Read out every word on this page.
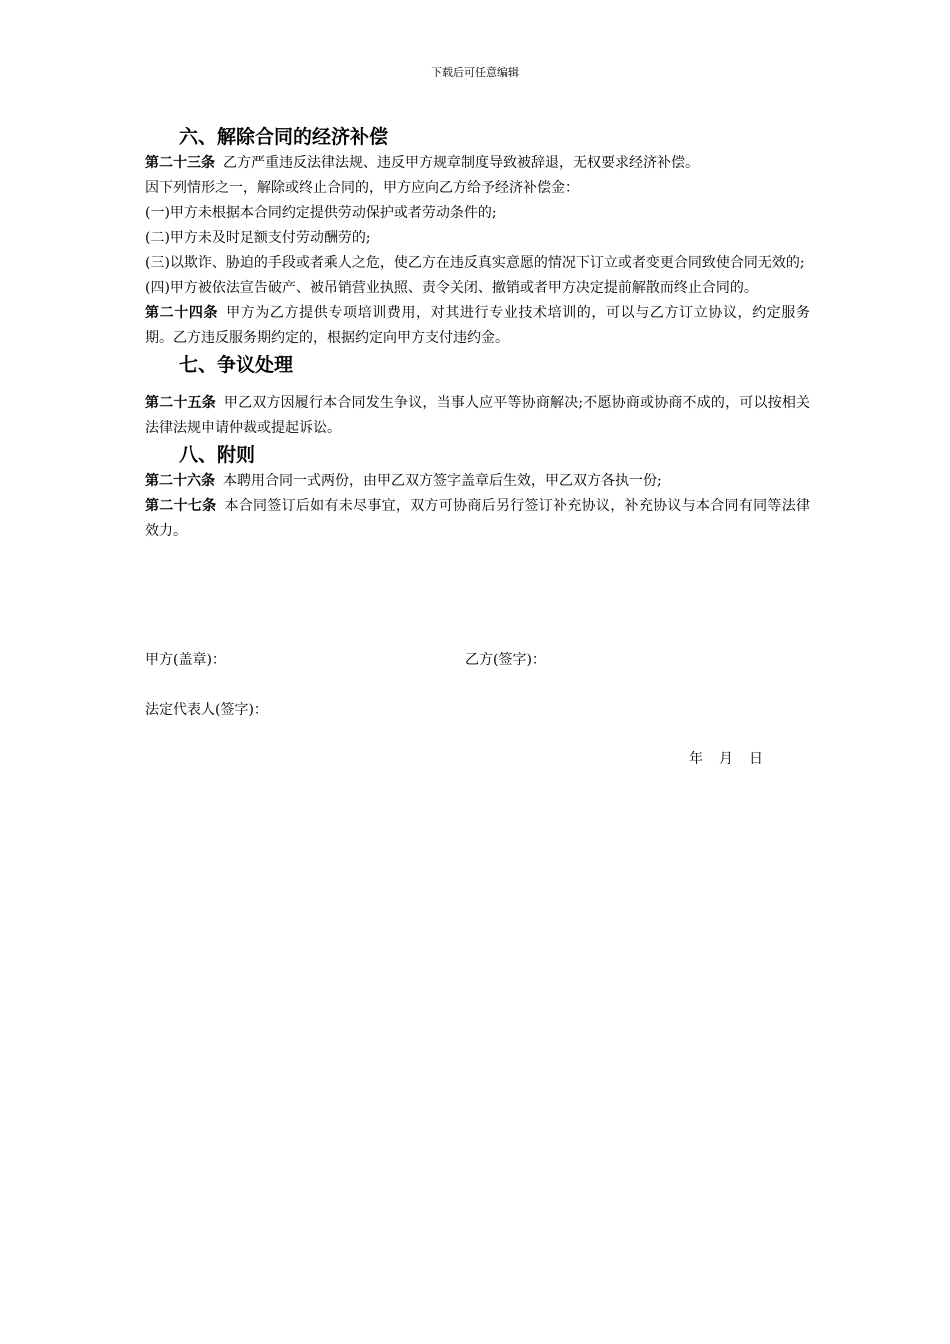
下载后可任意编辑
六、解除合同的经济补偿

第二十三条 乙方严重违反法律法规、违反甲方规章制度导致被辞退，无权要求经济补偿。

因下列情形之一，解除或终止合同的，甲方应向乙方给予经济补偿金：

(一)甲方未根据本合同约定提供劳动保护或者劳动条件的;

(二)甲方未及时足额支付劳动酬劳的;

(三)以欺诈、胁迫的手段或者乘人之危，使乙方在违反真实意愿的情况下订立或者变更合同致使合同无效的;

(四)甲方被依法宣告破产、被吊销营业执照、责令关闭、撤销或者甲方决定提前解散而终止合同的。

第二十四条 甲方为乙方提供专项培训费用，对其进行专业技术培训的，可以与乙方订立协议，约定服务期。乙方违反服务期约定的，根据约定向甲方支付违约金。

七、争议处理

第二十五条 甲乙双方因履行本合同发生争议，当事人应平等协商解决;不愿协商或协商不成的，可以按相关法律法规申请仲裁或提起诉讼。

八、附则

第二十六条 本聘用合同一式两份，由甲乙双方签字盖章后生效，甲乙双方各执一份;

第二十七条 本合同签订后如有未尽事宜，双方可协商后另行签订补充协议，补充协议与本合同有同等法律效力。

甲方(盖章)：	乙方(签字)：
法定代表人(签字)：
年 月 日
